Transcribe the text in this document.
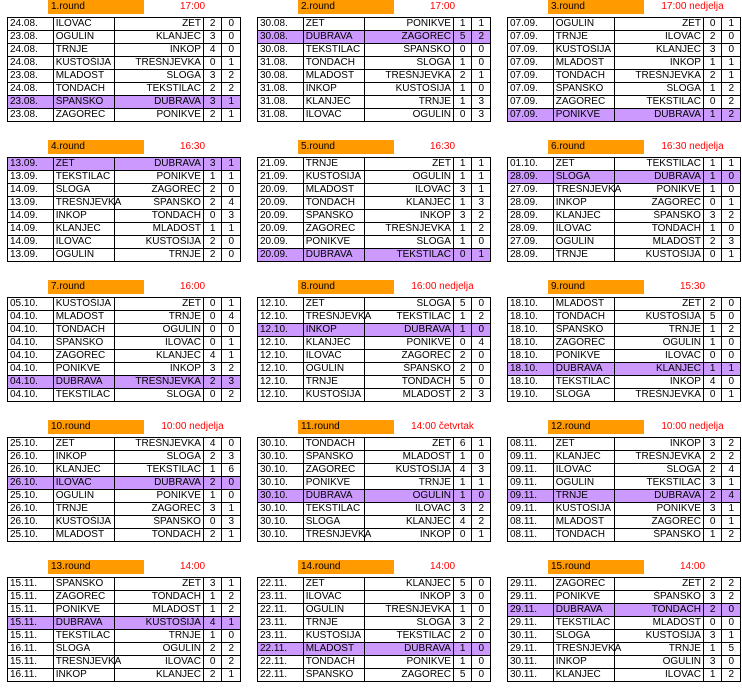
1.round	17:00
24.08.	ILOVAC	ZET	2	0
23.08.	OGULIN	KLANJEC	3	0
24.08.	TRNJE	INKOP	4	0
24.08.	KUSTOŠIJA	TREŠNJEVKA	0	1
23.08.	MLADOST	SLOGA	3	2
24.08.	TONDACH	TEKSTILAC	2	2
23.08.	ŠPANSKO	DUBRAVA	3	1
23.08.	ZAGOREC	PONIKVE	2	1
2.round	17:00
30.08.	ZET	PONIKVE	1	1
30.08.	DUBRAVA	ZAGOREC	5	2
30.08.	TEKSTILAC	ŠPANSKO	0	0
31.08.	TONDACH	SLOGA	1	0
30.08.	MLADOST	TREŠNJEVKA	2	1
31.08.	INKOP	KUSTOŠIJA	1	0
31.08.	KLANJEC	TRNJE	1	3
31.08.	ILOVAC	OGULIN	0	3
3.round	17:00 nedjelja
07.09.	OGULIN	ZET	0	1
07.09.	TRNJE	ILOVAC	2	0
07.09.	KUSTOŠIJA	KLANJEC	3	0
07.09.	MLADOST	INKOP	1	1
07.09.	TONDACH	TREŠNJEVKA	2	1
07.09.	ŠPANSKO	SLOGA	1	2
07.09.	ZAGOREC	TEKSTILAC	0	2
07.09.	PONIKVE	DUBRAVA	1	2
4.round	16:30
13.09.	ZET	DUBRAVA	3	1
13.09.	TEKSTILAC	PONIKVE	1	1
14.09.	SLOGA	ZAGOREC	2	0
13.09.	TREŠNJEVKA	ŠPANSKO	2	4
14.09.	INKOP	TONDACH	0	3
14.09.	KLANJEC	MLADOST	1	1
14.09.	ILOVAC	KUSTOŠIJA	2	0
13.09.	OGULIN	TRNJE	2	0
5.round	16:30
21.09.	TRNJE	ZET	1	1
21.09.	KUSTOŠIJA	OGULIN	1	1
20.09.	MLADOST	ILOVAC	3	1
20.09.	TONDACH	KLANJEC	1	3
20.09.	ŠPANSKO	INKOP	3	2
20.09.	ZAGOREC	TREŠNJEVKA	1	2
20.09.	PONIKVE	SLOGA	1	0
20.09.	DUBRAVA	TEKSTILAC	0	1
6.round	16:30 nedjelja
01.10.	ZET	TEKSTILAC	1	1
28.09.	SLOGA	DUBRAVA	1	0
27.09.	TREŠNJEVKA	PONIKVE	1	0
28.09.	INKOP	ZAGOREC	0	1
28.09.	KLANJEC	ŠPANSKO	3	2
28.09.	ILOVAC	TONDACH	1	0
27.09.	OGULIN	MLADOST	2	3
28.09.	TRNJE	KUSTOŠIJA	0	1
7.round	16:00
05.10.	KUSTOŠIJA	ZET	0	1
04.10.	MLADOST	TRNJE	0	4
04.10.	TONDACH	OGULIN	0	0
04.10.	ŠPANSKO	ILOVAC	0	1
04.10.	ZAGOREC	KLANJEC	4	1
04.10.	PONIKVE	INKOP	3	2
04.10.	DUBRAVA	TREŠNJEVKA	2	3
04.10.	TEKSTILAC	SLOGA	0	2
8.round	16:00 nedjelja
12.10.	ZET	SLOGA	5	0
12.10.	TREŠNJEVKA	TEKSTILAC	1	2
12.10.	INKOP	DUBRAVA	1	0
12.10.	KLANJEC	PONIKVE	0	4
12.10.	ILOVAC	ZAGOREC	2	0
12.10.	OGULIN	ŠPANSKO	2	0
12.10.	TRNJE	TONDACH	5	0
12.10.	KUSTOŠIJA	MLADOST	2	3
9.round	15:30
18.10.	MLADOST	ZET	2	0
18.10.	TONDACH	KUSTOŠIJA	5	0
18.10.	ŠPANSKO	TRNJE	1	2
18.10.	ZAGOREC	OGULIN	1	0
18.10.	PONIKVE	ILOVAC	0	0
18.10.	DUBRAVA	KLANJEC	1	1
18.10.	TEKSTILAC	INKOP	4	0
19.10.	SLOGA	TREŠNJEVKA	0	1
10.round	10:00 nedjelja
25.10.	ZET	TREŠNJEVKA	4	0
26.10.	INKOP	SLOGA	2	3
26.10.	KLANJEC	TEKSTILAC	1	6
26.10.	ILOVAC	DUBRAVA	2	0
25.10.	OGULIN	PONIKVE	1	0
26.10.	TRNJE	ZAGOREC	3	1
26.10.	KUSTOŠIJA	ŠPANSKO	0	3
25.10.	MLADOST	TONDACH	2	1
11.round	14:00 četvrtak
30.10.	TONDACH	ZET	6	1
30.10.	ŠPANSKO	MLADOST	1	0
30.10.	ZAGOREC	KUSTOŠIJA	4	3
30.10.	PONIKVE	TRNJE	1	1
30.10.	DUBRAVA	OGULIN	1	0
30.10.	TEKSTILAC	ILOVAC	3	2
30.10.	SLOGA	KLANJEC	4	2
30.10.	TREŠNJEVKA	INKOP	0	1
12.round	10:00 nedjelja
08.11.	ZET	INKOP	3	2
09.11.	KLANJEC	TREŠNJEVKA	2	2
09.11.	ILOVAC	SLOGA	2	4
09.11.	OGULIN	TEKSTILAC	3	1
09.11.	TRNJE	DUBRAVA	2	4
09.11.	KUSTOŠIJA	PONIKVE	3	1
08.11.	MLADOST	ZAGOREC	0	1
08.11.	TONDACH	ŠPANSKO	1	2
13.round	14:00
15.11.	ŠPANSKO	ZET	3	1
15.11.	ZAGOREC	TONDACH	1	2
15.11.	PONIKVE	MLADOST	1	2
15.11.	DUBRAVA	KUSTOŠIJA	4	1
15.11.	TEKSTILAC	TRNJE	1	0
16.11.	SLOGA	OGULIN	2	2
15.11.	TREŠNJEVKA	ILOVAC	0	2
16.11.	INKOP	KLANJEC	2	1
14.round	14:00
22.11.	ZET	KLANJEC	5	0
23.11.	ILOVAC	INKOP	3	0
22.11.	OGULIN	TREŠNJEVKA	1	0
23.11.	TRNJE	SLOGA	3	2
23.11.	KUSTOŠIJA	TEKSTILAC	2	0
22.11.	MLADOST	DUBRAVA	1	0
22.11.	TONDACH	PONIKVE	1	0
22.11.	ŠPANSKO	ZAGOREC	5	0
15.round	14:00
29.11.	ZAGOREC	ZET	2	2
29.11.	PONIKVE	ŠPANSKO	3	2
29.11.	DUBRAVA	TONDACH	2	0
29.11.	TEKSTILAC	MLADOST	0	0
30.11.	SLOGA	KUSTOŠIJA	3	1
29.11.	TREŠNJEVKA	TRNJE	1	5
30.11.	INKOP	OGULIN	3	0
30.11.	KLANJEC	ILOVAC	1	2
